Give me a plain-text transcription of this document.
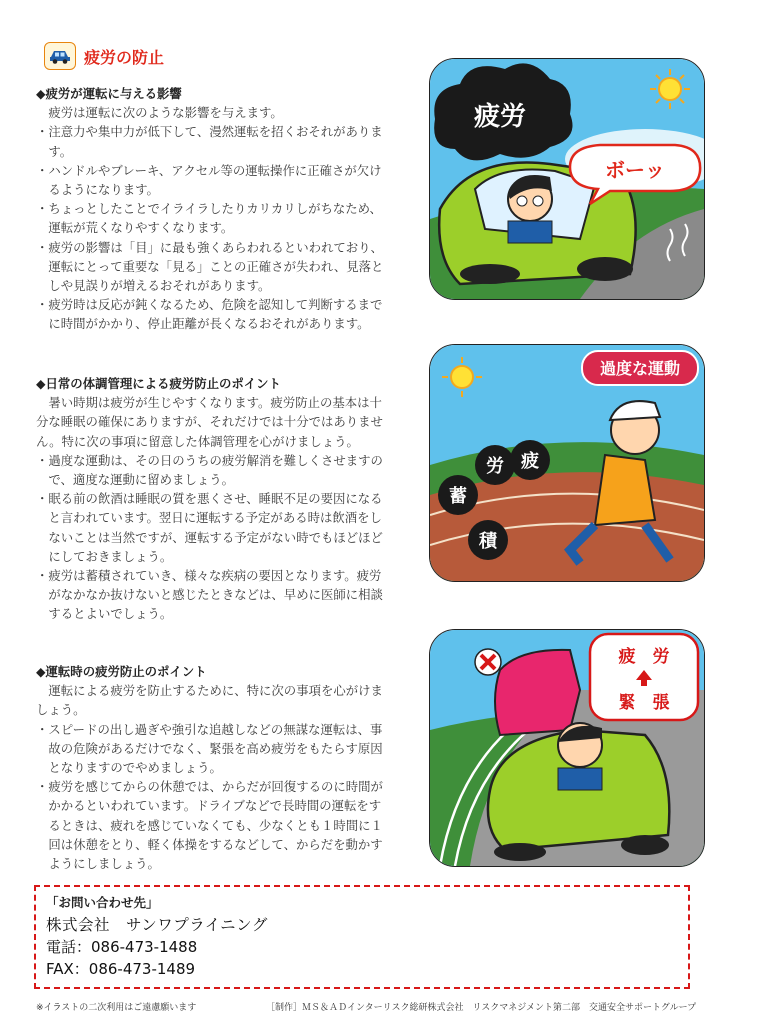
疲労の防止
◆疲労が運転に与える影響
疲労は運転に次のような影響を与えます。
・注意力や集中力が低下して、漫然運転を招くおそれがあります。
・ハンドルやブレーキ、アクセル等の運転操作に正確さが欠けるようになります。
・ちょっとしたことでイライラしたりカリカリしがちなため、運転が荒くなりやすくなります。
・疲労の影響は「目」に最も強くあらわれるといわれており、運転にとって重要な「見る」ことの正確さが失われ、見落としや見誤りが増えるおそれがあります。
・疲労時は反応が鈍くなるため、危険を認知して判断するまでに時間がかかり、停止距離が長くなるおそれがあります。
◆日常の体調管理による疲労防止のポイント
暑い時期は疲労が生じやすくなります。疲労防止の基本は十分な睡眠の確保にありますが、それだけでは十分ではありません。特に次の事項に留意した体調管理を心がけましょう。
・過度な運動は、その日のうちの疲労解消を難しくさせますので、適度な運動に留めましょう。
・眠る前の飲酒は睡眠の質を悪くさせ、睡眠不足の要因になると言われています。翌日に運転する予定がある時は飲酒をしないことは当然ですが、運転する予定がない時でもほどほどにしておきましょう。
・疲労は蓄積されていき、様々な疾病の要因となります。疲労がなかなか抜けないと感じたときなどは、早めに医師に相談するとよいでしょう。
◆運転時の疲労防止のポイント
運転による疲労を防止するために、特に次の事項を心がけましょう。
・スピードの出し過ぎや強引な追越しなどの無謀な運転は、事故の危険があるだけでなく、緊張を高め疲労をもたらす原因となりますのでやめましょう。
・疲労を感じてからの休憩では、からだが回復するのに時間がかかるといわれています。ドライブなどで長時間の運転をするときは、疲れを感じていなくても、少なくとも１時間に１回は休憩をとり、軽く体操をするなどして、からだを動かすようにしましょう。
疲労
ボーッ
労 疲
蓄
積
過度な運動
疲　労
緊　張
「お問い合わせ先」
株式会社　サンワプライニング
電話：086-473-1488
FAX：086-473-1489
※イラストの二次利用はご遠慮願います	［制作］ＭＳ＆ＡＤインターリスク総研株式会社　リスクマネジメント第二部　交通安全サポートグループ
